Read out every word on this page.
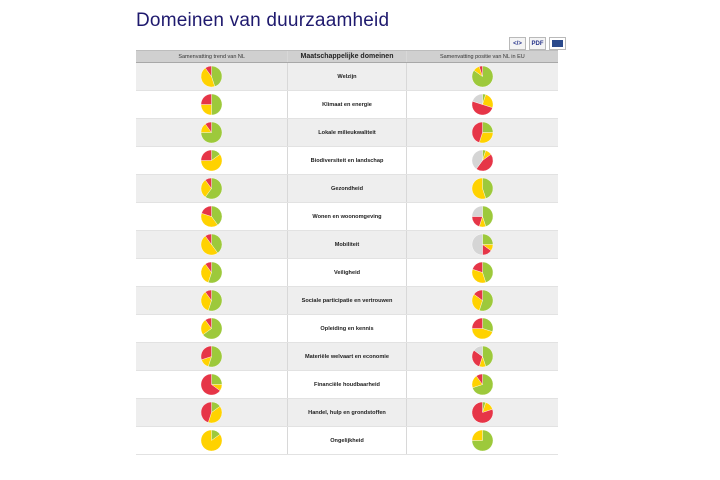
Domeinen van duurzaamheid
</>	PDF
Samenvatting trend van NL	Maatschappelijke domeinen	Samenvatting positie van NL in EU
Welzijn
Klimaat en energie
Lokale milieukwaliteit
Biodiversiteit en landschap
Gezondheid
Wonen en woonomgeving
Mobiliteit
Veiligheid
Sociale participatie en vertrouwen
Opleiding en kennis
Materiële welvaart en economie
Financiële houdbaarheid
Handel, hulp en grondstoffen
Ongelijkheid
